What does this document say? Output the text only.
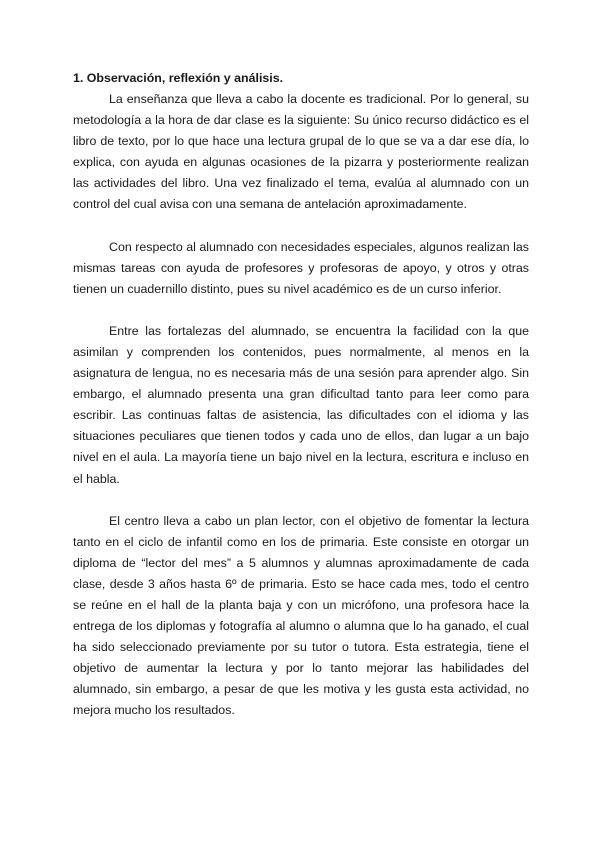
1. Observación, reflexión y análisis.

La enseñanza que lleva a cabo la docente es tradicional. Por lo general, su metodología a la hora de dar clase es la siguiente: Su único recurso didáctico es el libro de texto, por lo que hace una lectura grupal de lo que se va a dar ese día, lo explica, con ayuda en algunas ocasiones de la pizarra y posteriormente realizan las actividades del libro. Una vez finalizado el tema, evalúa al alumnado con un control del cual avisa con una semana de antelación aproximadamente.

Con respecto al alumnado con necesidades especiales, algunos realizan las mismas tareas con ayuda de profesores y profesoras de apoyo, y otros y otras tienen un cuadernillo distinto, pues su nivel académico es de un curso inferior.

Entre las fortalezas del alumnado, se encuentra la facilidad con la que asimilan y comprenden los contenidos, pues normalmente, al menos en la asignatura de lengua, no es necesaria más de una sesión para aprender algo. Sin embargo, el alumnado presenta una gran dificultad tanto para leer como para escribir. Las continuas faltas de asistencia, las dificultades con el idioma y las situaciones peculiares que tienen todos y cada uno de ellos, dan lugar a un bajo nivel en el aula. La mayoría tiene un bajo nivel en la lectura, escritura e incluso en el habla.

El centro lleva a cabo un plan lector, con el objetivo de fomentar la lectura tanto en el ciclo de infantil como en los de primaria. Este consiste en otorgar un diploma de “lector del mes” a 5 alumnos y alumnas aproximadamente de cada clase, desde 3 años hasta 6º de primaria. Esto se hace cada mes, todo el centro se reúne en el hall de la planta baja y con un micrófono, una profesora hace la entrega de los diplomas y fotografía al alumno o alumna que lo ha ganado, el cual ha sido seleccionado previamente por su tutor o tutora. Esta estrategia, tiene el objetivo de aumentar la lectura y por lo tanto mejorar las habilidades del alumnado, sin embargo, a pesar de que les motiva y les gusta esta actividad, no mejora mucho los resultados.
